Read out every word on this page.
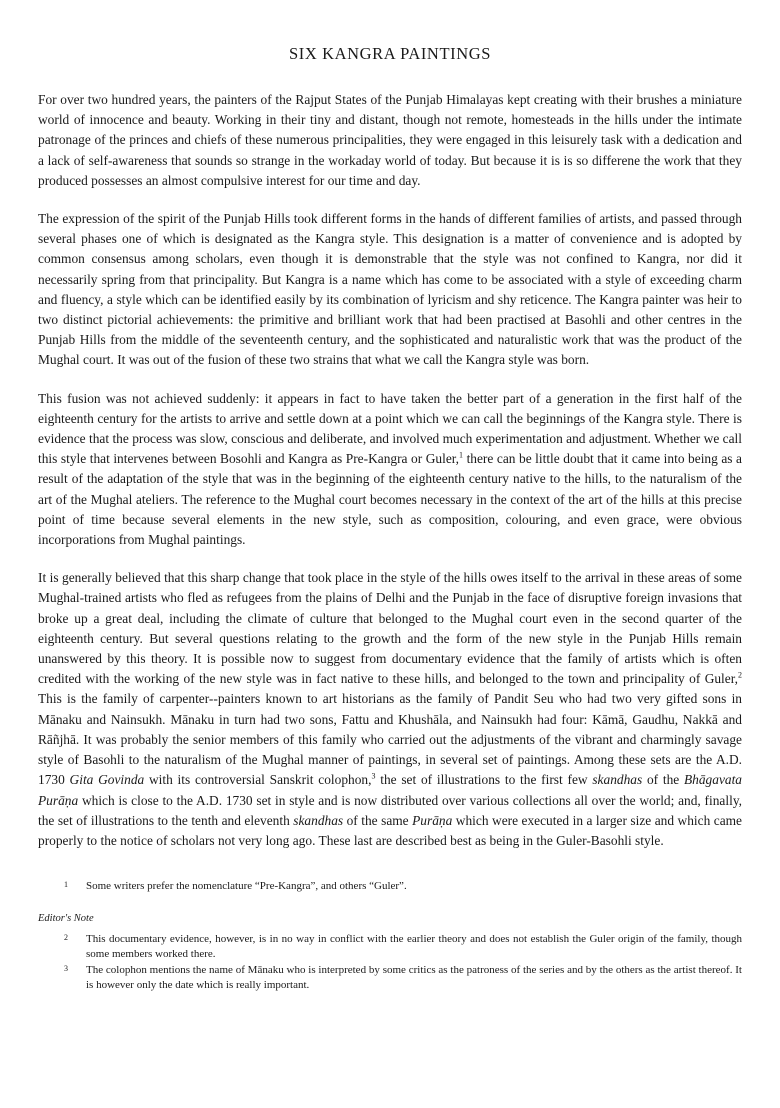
SIX KANGRA PAINTINGS

For over two hundred years, the painters of the Rajput States of the Punjab Himalayas kept creating with their brushes a miniature world of innocence and beauty. Working in their tiny and distant, though not remote, homesteads in the hills under the intimate patronage of the princes and chiefs of these numerous principalities, they were engaged in this leisurely task with a dedication and a lack of self-awareness that sounds so strange in the workaday world of today. But because it is is so differene the work that they produced possesses an almost compulsive interest for our time and day.

The expression of the spirit of the Punjab Hills took different forms in the hands of different families of artists, and passed through several phases one of which is designated as the Kangra style. This designation is a matter of convenience and is adopted by common consensus among scholars, even though it is demonstrable that the style was not confined to Kangra, nor did it necessarily spring from that principality. But Kangra is a name which has come to be associated with a style of exceeding charm and fluency, a style which can be identified easily by its combination of lyricism and shy reticence. The Kangra painter was heir to two distinct pictorial achievements: the primitive and brilliant work that had been practised at Basohli and other centres in the Punjab Hills from the middle of the seventeenth century, and the sophisticated and naturalistic work that was the product of the Mughal court. It was out of the fusion of these two strains that what we call the Kangra style was born.

This fusion was not achieved suddenly: it appears in fact to have taken the better part of a generation in the first half of the eighteenth century for the artists to arrive and settle down at a point which we can call the beginnings of the Kangra style. There is evidence that the process was slow, conscious and deliberate, and involved much experimentation and adjustment. Whether we call this style that intervenes between Bosohli and Kangra as Pre-Kangra or Guler,$^1$ there can be little doubt that it came into being as a result of the adaptation of the style that was in the beginning of the eighteenth century native to the hills, to the naturalism of the art of the Mughal ateliers. The reference to the Mughal court becomes necessary in the context of the art of the hills at this precise point of time because several elements in the new style, such as composition, colouring, and even grace, were obvious incorporations from Mughal paintings.

It is generally believed that this sharp change that took place in the style of the hills owes itself to the arrival in these areas of some Mughal-trained artists who fled as refugees from the plains of Delhi and the Punjab in the face of disruptive foreign invasions that broke up a great deal, including the climate of culture that belonged to the Mughal court even in the second quarter of the eighteenth century. But several questions relating to the growth and the form of the new style in the Punjab Hills remain unanswered by this theory. It is possible now to suggest from documentary evidence that the family of artists which is often credited with the working of the new style was in fact native to these hills, and belonged to the town and principality of Guler,$^2$ This is the family of carpenter--painters known to art historians as the family of Pandit Seu who had two very gifted sons in Mānaku and Nainsukh. Mānaku in turn had two sons, Fattu and Khushāla, and Nainsukh had four: Kāmā, Gaudhu, Nakkā and Rāñjhā. It was probably the senior members of this family who carried out the adjustments of the vibrant and charmingly savage style of Basohli to the naturalism of the Mughal manner of paintings, in several set of paintings. Among these sets are the A.D. 1730 Gita Govinda with its controversial Sanskrit colophon,$^3$ the set of illustrations to the first few skandhas of the Bhāgavata Purāṇa which is close to the A.D. 1730 set in style and is now distributed over various collections all over the world; and, finally, the set of illustrations to the tenth and eleventh skandhas of the same Purāṇa which were executed in a larger size and which came properly to the notice of scholars not very long ago. These last are described best as being in the Guler-Basohli style.

1 Some writers prefer the nomenclature “Pre-Kangra”, and others “Guler”.
Editor's Note
2 This documentary evidence, however, is in no way in conflict with the earlier theory and does not establish the Guler origin of the family, though some members worked there.
3 The colophon mentions the name of Mānaku who is interpreted by some critics as the patroness of the series and by the others as the artist thereof. It is however only the date which is really important.
